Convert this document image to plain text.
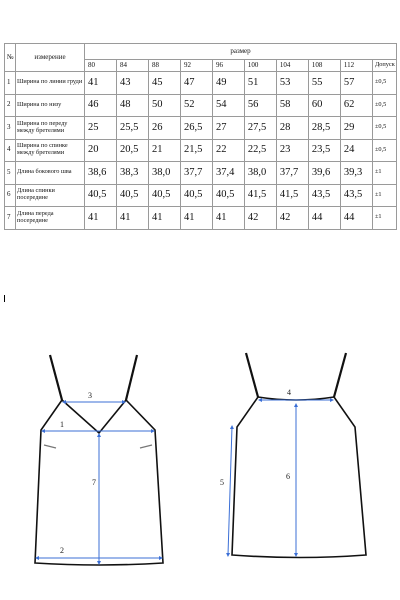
№	измерение	размер									
		80	84	88	92	96	100	104	108	112	Допуск
1	Ширина по линии груди	41	43	45	47	49	51	53	55	57	±0,5
2	Ширина по низу	46	48	50	52	54	56	58	60	62	±0,5
3	Ширина по переду между бретелями	25	25,5	26	26,5	27	27,5	28	28,5	29	±0,5
4	Ширина по спинке между бретелями	20	20,5	21	21,5	22	22,5	23	23,5	24	±0,5
5	Длина бокового шва	38,6	38,3	38,0	37,7	37,4	38,0	37,7	39,6	39,3	±1
6	Длина спинки посередине	40,5	40,5	40,5	40,5	40,5	41,5	41,5	43,5	43,5	±1
7	Длина переда посередине	41	41	41	41	41	42	42	44	44	±1
3
1
7
2
4
5
6
